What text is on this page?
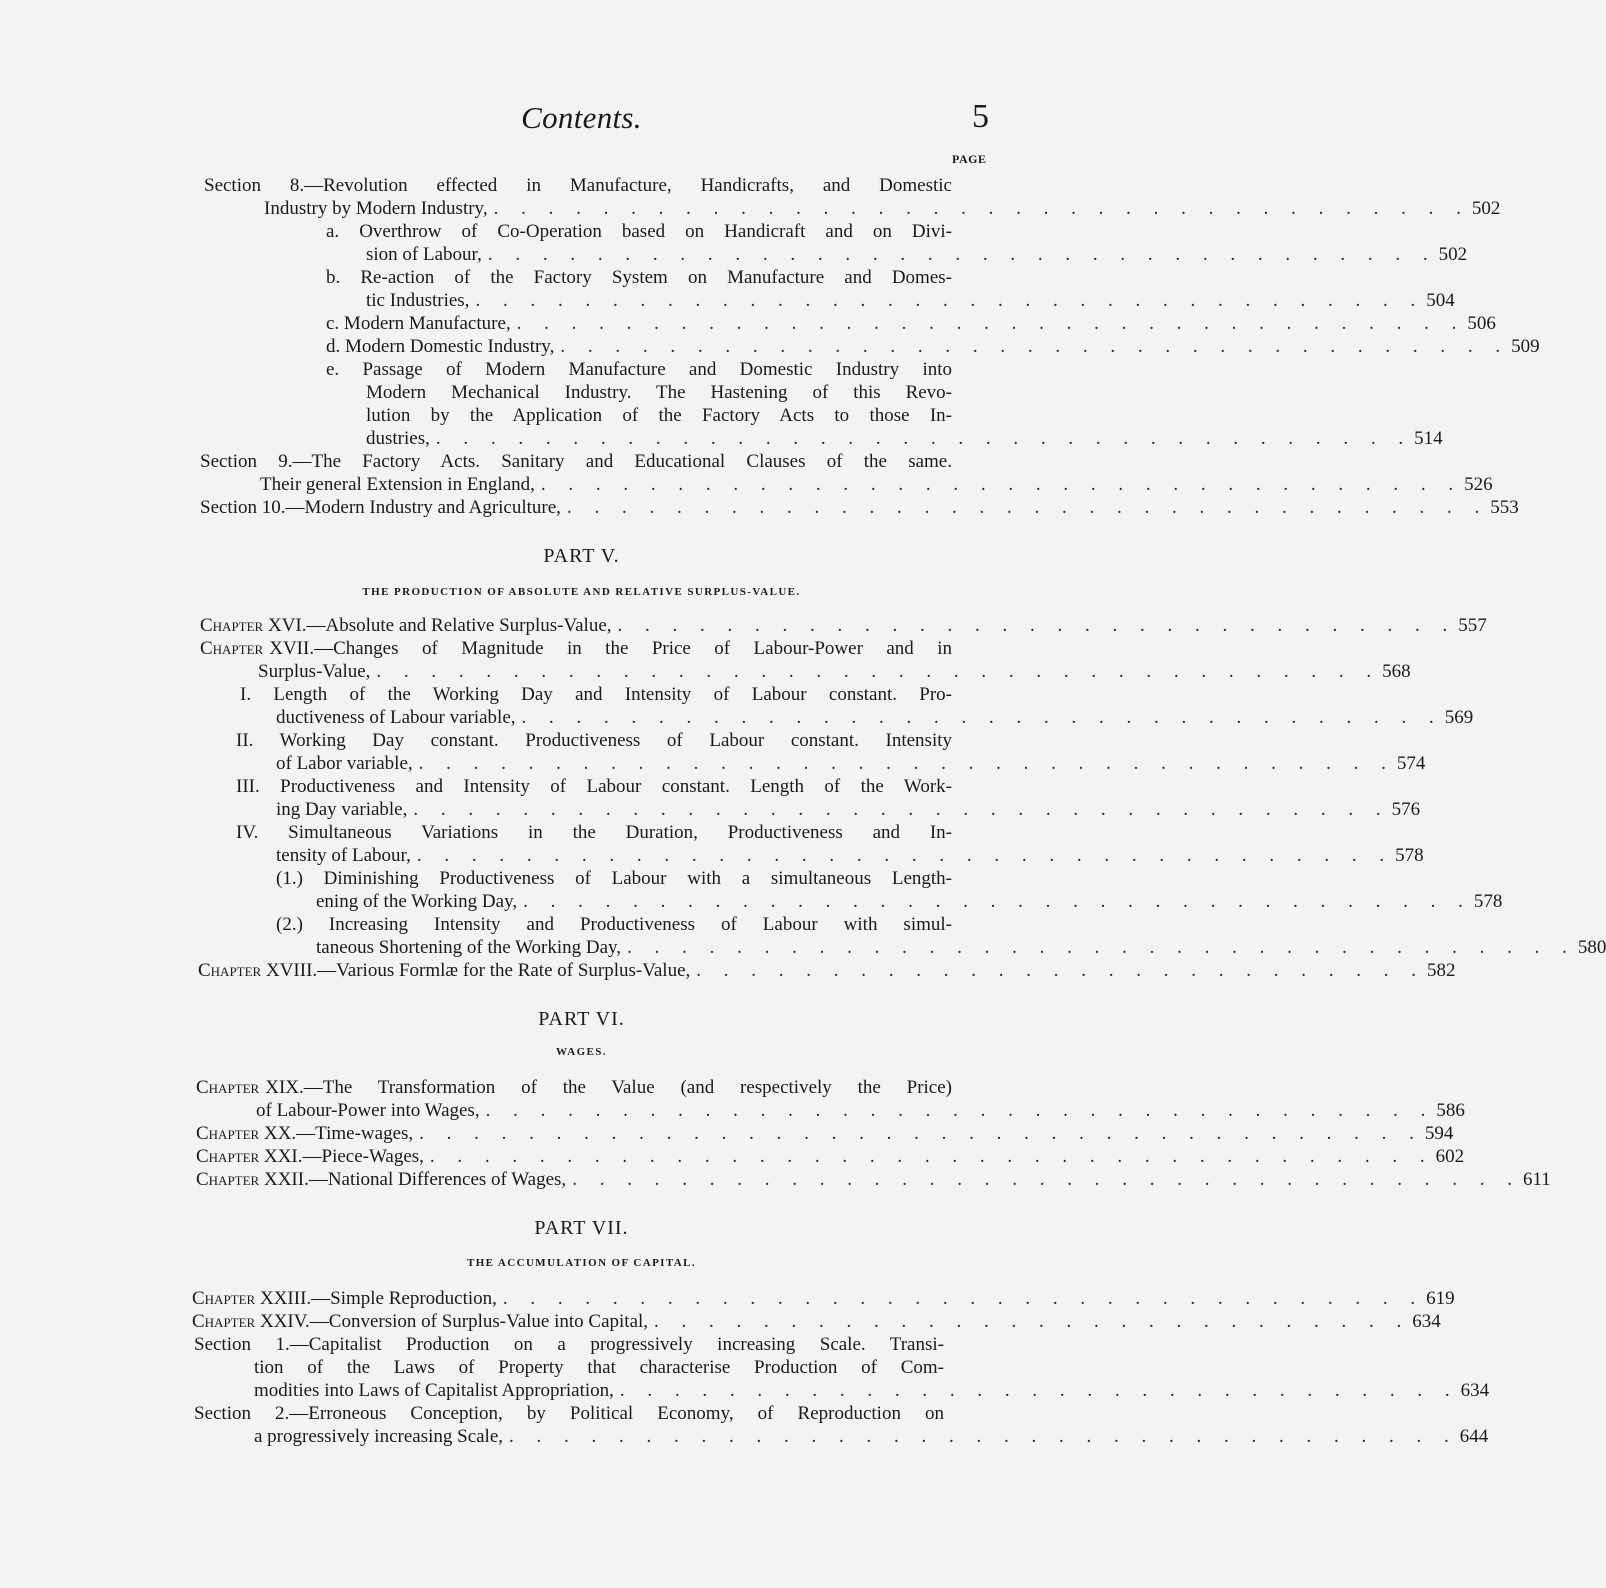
Contents.	5
PAGE
Section 8.—Revolution effected in Manufacture, Handicrafts, and Domestic
Industry by Modern Industry, . . . . . . . . . . . . . . . . . . . . . . . . . . . . . . . . . . . . 502
a. Overthrow of Co-Operation based on Handicraft and on Divi-
sion of Labour, . . . . . . . . . . . . . . . . . . . . . . . . . . . . . . . . . . . 502
b. Re-action of the Factory System on Manufacture and Domes-
tic Industries, . . . . . . . . . . . . . . . . . . . . . . . . . . . . . . . . . . . 504
c. Modern Manufacture, . . . . . . . . . . . . . . . . . . . . . . . . . . . . . . . . . . . 506
d. Modern Domestic Industry, . . . . . . . . . . . . . . . . . . . . . . . . . . . . . . . . . . . 509
e. Passage of Modern Manufacture and Domestic Industry into
Modern Mechanical Industry. The Hastening of this Revo-
lution by the Application of the Factory Acts to those In-
dustries, . . . . . . . . . . . . . . . . . . . . . . . . . . . . . . . . . . . . 514
Section 9.—The Factory Acts. Sanitary and Educational Clauses of the same.
Their general Extension in England, . . . . . . . . . . . . . . . . . . . . . . . . . . . . . . . . . . 526
Section 10.—Modern Industry and Agriculture, . . . . . . . . . . . . . . . . . . . . . . . . . . . . . . . . . . 553
PART V.
THE PRODUCTION OF ABSOLUTE AND RELATIVE SURPLUS-VALUE.
Chapter XVI.—Absolute and Relative Surplus-Value, . . . . . . . . . . . . . . . . . . . . . . . . . . . . . . . 557
Chapter XVII.—Changes of Magnitude in the Price of Labour-Power and in
Surplus-Value, . . . . . . . . . . . . . . . . . . . . . . . . . . . . . . . . . . . . . 568
I. Length of the Working Day and Intensity of Labour constant. Pro-
ductiveness of Labour variable, . . . . . . . . . . . . . . . . . . . . . . . . . . . . . . . . . . 569
II. Working Day constant. Productiveness of Labour constant. Intensity
of Labor variable, . . . . . . . . . . . . . . . . . . . . . . . . . . . . . . . . . . . . 574
III. Productiveness and Intensity of Labour constant. Length of the Work-
ing Day variable, . . . . . . . . . . . . . . . . . . . . . . . . . . . . . . . . . . . . 576
IV. Simultaneous Variations in the Duration, Productiveness and In-
tensity of Labour, . . . . . . . . . . . . . . . . . . . . . . . . . . . . . . . . . . . . 578
(1.) Diminishing Productiveness of Labour with a simultaneous Length-
ening of the Working Day, . . . . . . . . . . . . . . . . . . . . . . . . . . . . . . . . . . . 578
(2.) Increasing Intensity and Productiveness of Labour with simul-
taneous Shortening of the Working Day, . . . . . . . . . . . . . . . . . . . . . . . . . . . . . . . . . . . 580
Chapter XVIII.—Various Formlæ for the Rate of Surplus-Value, . . . . . . . . . . . . . . . . . . . . . . . . . . . 582
PART VI.
WAGES.
Chapter XIX.—The Transformation of the Value (and respectively the Price)
of Labour-Power into Wages, . . . . . . . . . . . . . . . . . . . . . . . . . . . . . . . . . . . 586
Chapter XX.—Time-wages, . . . . . . . . . . . . . . . . . . . . . . . . . . . . . . . . . . . . . 594
Chapter XXI.—Piece-Wages, . . . . . . . . . . . . . . . . . . . . . . . . . . . . . . . . . . . . . 602
Chapter XXII.—National Differences of Wages, . . . . . . . . . . . . . . . . . . . . . . . . . . . . . . . . . . . 611
PART VII.
THE ACCUMULATION OF CAPITAL.
Chapter XXIII.—Simple Reproduction, . . . . . . . . . . . . . . . . . . . . . . . . . . . . . . . . . . 619
Chapter XXIV.—Conversion of Surplus-Value into Capital, . . . . . . . . . . . . . . . . . . . . . . . . . . . . 634
Section 1.—Capitalist Production on a progressively increasing Scale. Transi-
tion of the Laws of Property that characterise Production of Com-
modities into Laws of Capitalist Appropriation, . . . . . . . . . . . . . . . . . . . . . . . . . . . . . . . 634
Section 2.—Erroneous Conception, by Political Economy, of Reproduction on
a progressively increasing Scale, . . . . . . . . . . . . . . . . . . . . . . . . . . . . . . . . . . . 644
